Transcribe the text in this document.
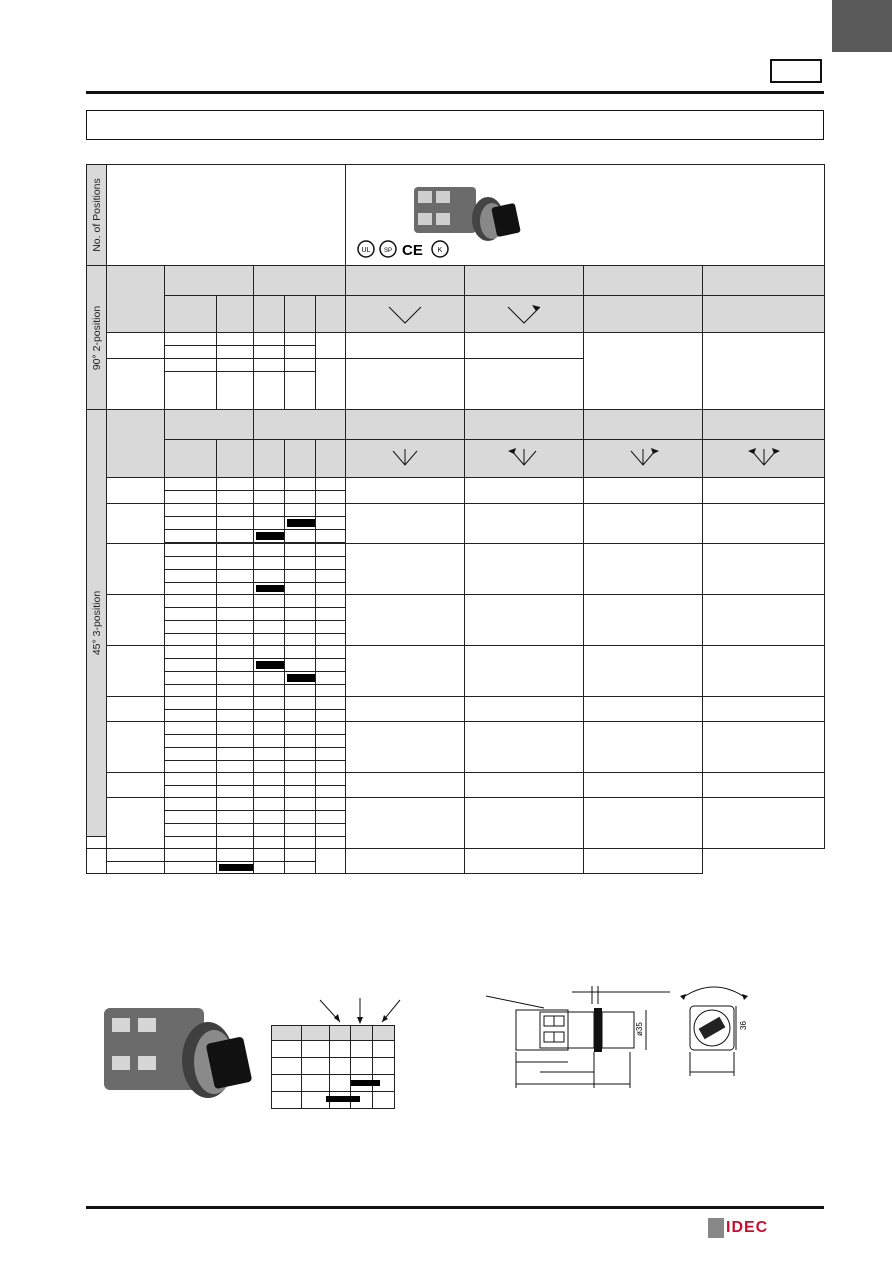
No. of Positions							UL SP CE K			

90° 2-position										

45° 3-position										

ø35	36
IDEC
